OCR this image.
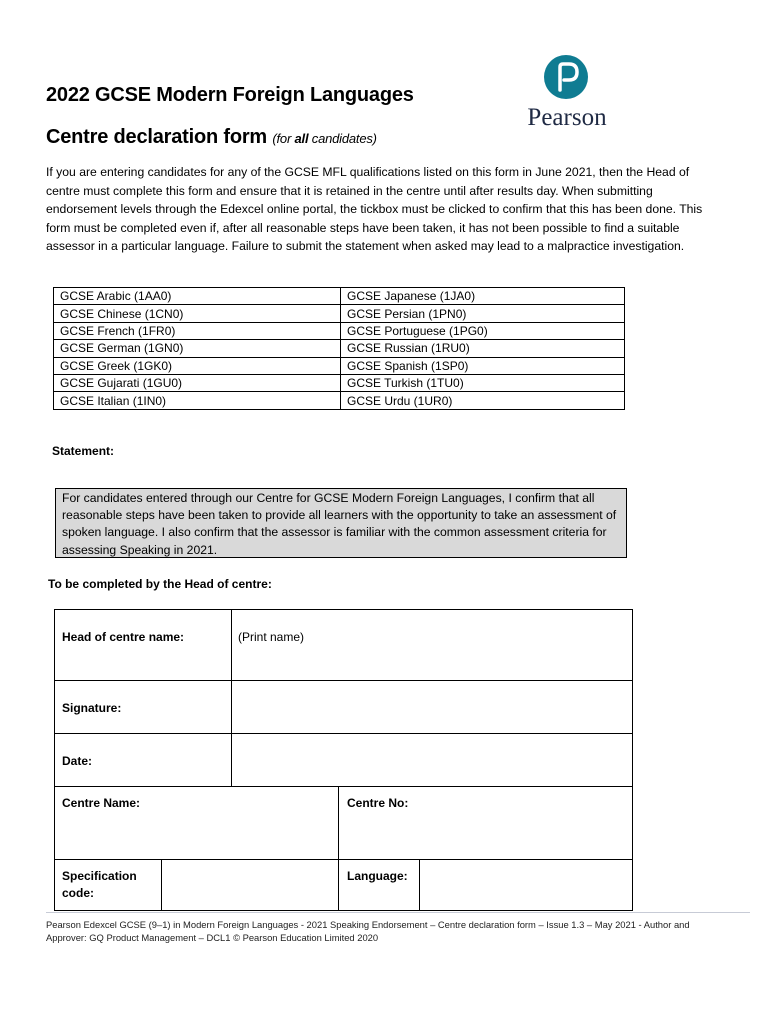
2022 GCSE Modern Foreign Languages
Centre declaration form (for all candidates)
Pearson

If you are entering candidates for any of the GCSE MFL qualifications listed on this form in June 2021, then the Head of centre must complete this form and ensure that it is retained in the centre until after results day. When submitting endorsement levels through the Edexcel online portal, the tickbox must be clicked to confirm that this has been done. This form must be completed even if, after all reasonable steps have been taken, it has not been possible to find a suitable assessor in a particular language. Failure to submit the statement when asked may lead to a malpractice investigation.

GCSE Arabic (1AA0)	GCSE Japanese (1JA0)
GCSE Chinese (1CN0)	GCSE Persian (1PN0)
GCSE French (1FR0)	GCSE Portuguese (1PG0)
GCSE German (1GN0)	GCSE Russian (1RU0)
GCSE Greek (1GK0)	GCSE Spanish (1SP0)
GCSE Gujarati (1GU0)	GCSE Turkish (1TU0)
GCSE Italian (1IN0)	GCSE Urdu (1UR0)
Statement:
For candidates entered through our Centre for GCSE Modern Foreign Languages, I confirm that all reasonable steps have been taken to provide all learners with the opportunity to take an assessment of spoken language. I also confirm that the assessor is familiar with the common assessment criteria for assessing Speaking in 2021.
To be completed by the Head of centre:
Head of centre name:	(Print name)
Signature:
Date:
Centre Name:	Centre No:
Specification code:
Language:
Pearson Edexcel GCSE (9–1) in Modern Foreign Languages - 2021 Speaking Endorsement – Centre declaration form – Issue 1.3 – May 2021 - Author and Approver: GQ Product Management – DCL1 © Pearson Education Limited 2020
